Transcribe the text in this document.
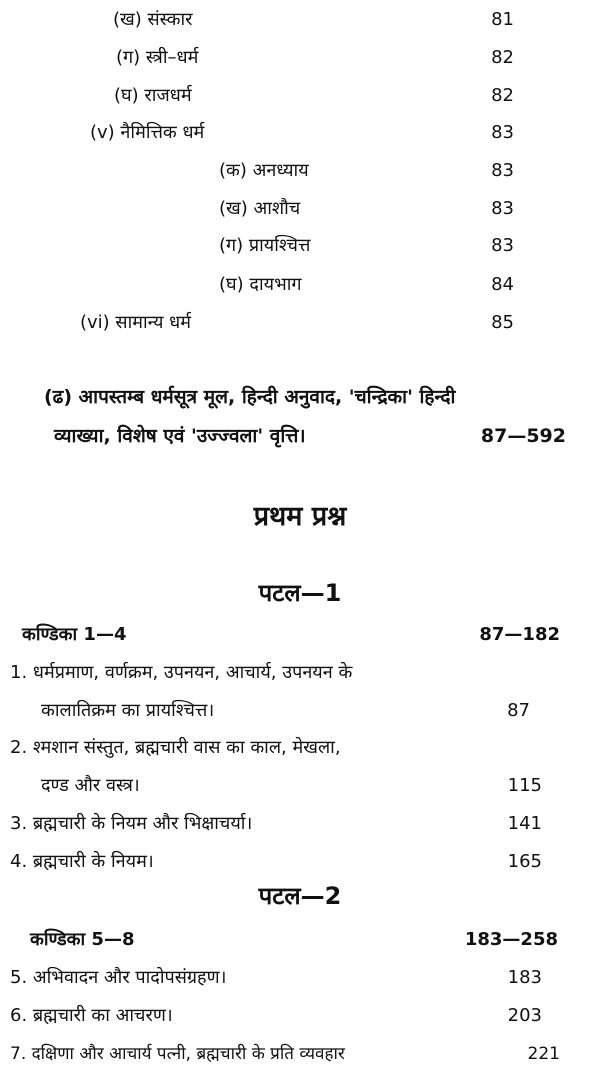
(ख) संस्कार	81
(ग) स्त्री–धर्म	82
(घ) राजधर्म	82
(v) नैमित्तिक धर्म	83
(क) अनध्याय	83
(ख) आशौच	83
(ग) प्रायश्चित्त	83
(घ) दायभाग	84
(vi) सामान्य धर्म	85
(ढ) आपस्तम्ब धर्मसूत्र मूल, हिन्दी अनुवाद, 'चन्द्रिका' हिन्दी
व्याख्या, विशेष एवं 'उज्ज्वला' वृत्ति।	87—592
प्रथम प्रश्न
पटल—1
कण्डिका 1—4	87—182
1. धर्मप्रमाण, वर्णक्रम, उपनयन, आचार्य, उपनयन के
कालातिक्रम का प्रायश्चित्त।	87
2. श्मशान संस्तुत, ब्रह्मचारी वास का काल, मेखला,
दण्ड और वस्त्र।	115
3. ब्रह्मचारी के नियम और भिक्षाचर्या।	141
4. ब्रह्मचारी के नियम।	165
पटल—2
कण्डिका 5—8	183—258
5. अभिवादन और पादोपसंग्रहण।	183
6. ब्रह्मचारी का आचरण।	203
7. दक्षिणा और आचार्य पत्नी, ब्रह्मचारी के प्रति व्यवहार	221
